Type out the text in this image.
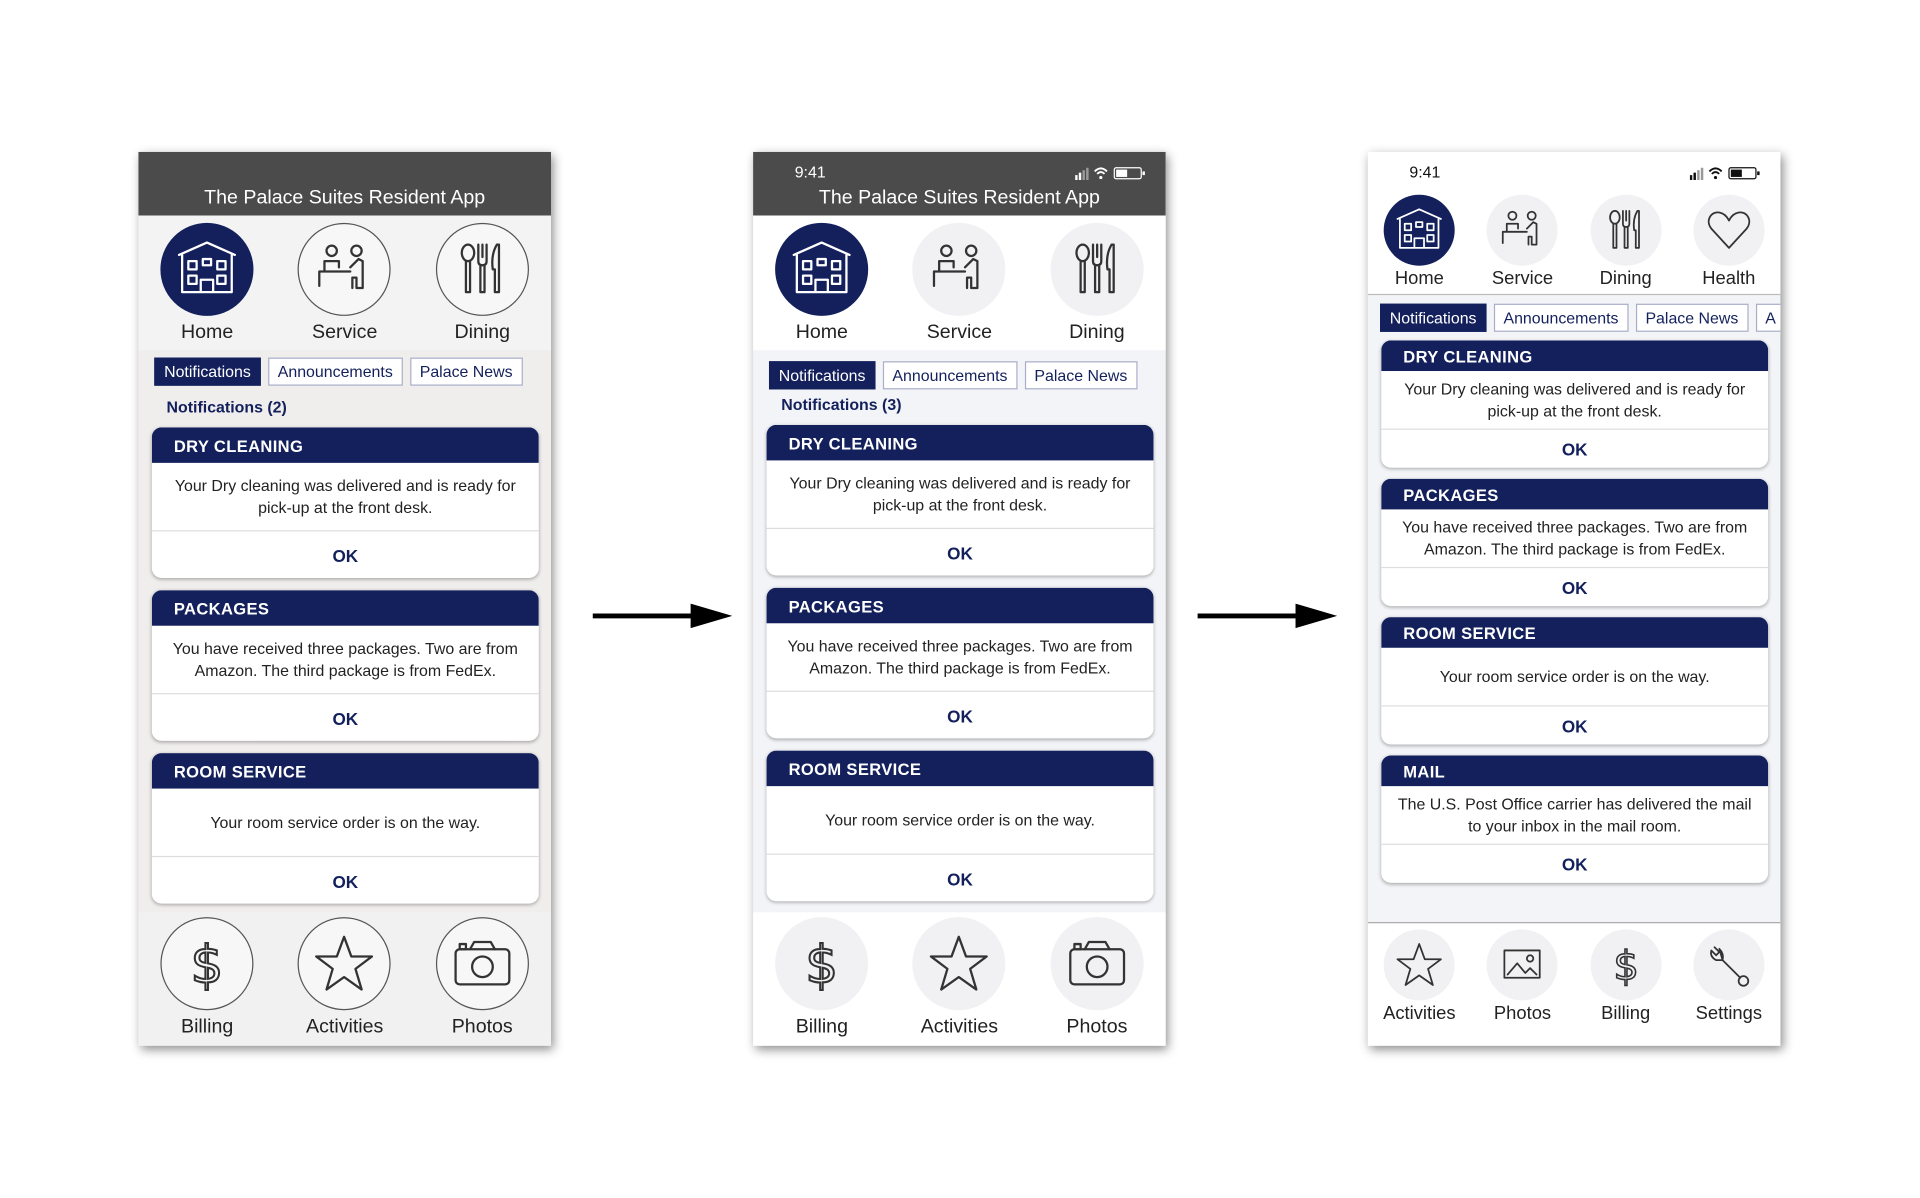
The Palace Suites Resident App
Home	Service	Dining
Notifications	Announcements	Palace News
Notifications (2)
DRY CLEANING
Your Dry cleaning was delivered and is ready for pick-up at the front desk.
OK
PACKAGES
You have received three packages. Two are from Amazon. The third package is from FedEx.
OK
ROOM SERVICE
Your room service order is on the way.
OK
$
Billing	Activities	Photos
The Palace Suites Resident App
Home	Service	Dining
9:41
Notifications	Announcements	Palace News
Notifications (3)
DRY CLEANING
Your Dry cleaning was delivered and is ready for pick-up at the front desk.
OK
PACKAGES
You have received three packages. Two are from Amazon. The third package is from FedEx.
OK
ROOM SERVICE
Your room service order is on the way.
OK
$
Billing	Activities	Photos
Home	Service	Dining	Health
9:41
Notifications	Announcements	Palace News	A
DRY CLEANING
Your Dry cleaning was delivered and is ready for pick-up at the front desk.
OK
PACKAGES
You have received three packages. Two are from Amazon. The third package is from FedEx.
OK
ROOM SERVICE
Your room service order is on the way.
OK
MAIL
The U.S. Post Office carrier has delivered the mail to your inbox in the mail room.
OK
Activities	Photos
$
Billing	Settings
